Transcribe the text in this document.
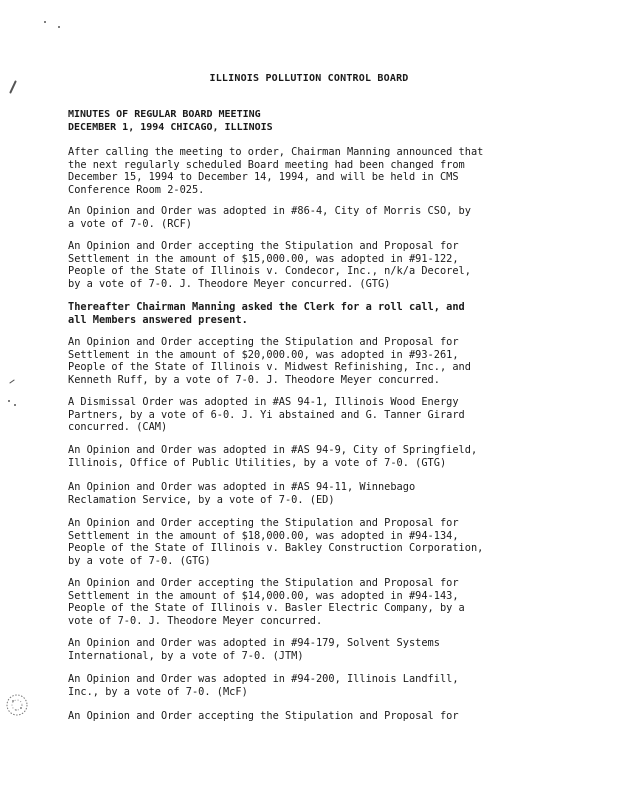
ILLINOIS POLLUTION CONTROL BOARD
MINUTES OF REGULAR BOARD MEETING
DECEMBER 1, 1994 CHICAGO, ILLINOIS
After calling the meeting to order, Chairman Manning announced that
the next regularly scheduled Board meeting had been changed from
December 15, 1994 to December 14, 1994, and will be held in CMS
Conference Room 2-025.
An Opinion and Order was adopted in #86-4, City of Morris CSO, by
a vote of 7-0. (RCF)
An Opinion and Order accepting the Stipulation and Proposal for
Settlement in the amount of $15,000.00, was adopted in #91-122,
People of the State of Illinois v. Condecor, Inc., n/k/a Decorel,
by a vote of 7-0. J. Theodore Meyer concurred. (GTG)
Thereafter Chairman Manning asked the Clerk for a roll call, and
all Members answered present.
An Opinion and Order accepting the Stipulation and Proposal for
Settlement in the amount of $20,000.00, was adopted in #93-261,
People of the State of Illinois v. Midwest Refinishing, Inc., and
Kenneth Ruff, by a vote of 7-0. J. Theodore Meyer concurred.
A Dismissal Order was adopted in #AS 94-1, Illinois Wood Energy
Partners, by a vote of 6-0. J. Yi abstained and G. Tanner Girard
concurred. (CAM)
An Opinion and Order was adopted in #AS 94-9, City of Springfield,
Illinois, Office of Public Utilities, by a vote of 7-0. (GTG)
An Opinion and Order was adopted in #AS 94-11, Winnebago
Reclamation Service, by a vote of 7-0. (ED)
An Opinion and Order accepting the Stipulation and Proposal for
Settlement in the amount of $18,000.00, was adopted in #94-134,
People of the State of Illinois v. Bakley Construction Corporation,
by a vote of 7-0. (GTG)
An Opinion and Order accepting the Stipulation and Proposal for
Settlement in the amount of $14,000.00, was adopted in #94-143,
People of the State of Illinois v. Basler Electric Company, by a
vote of 7-0. J. Theodore Meyer concurred.
An Opinion and Order was adopted in #94-179, Solvent Systems
International, by a vote of 7-0. (JTM)
An Opinion and Order was adopted in #94-200, Illinois Landfill,
Inc., by a vote of 7-0. (McF)
An Opinion and Order accepting the Stipulation and Proposal for
